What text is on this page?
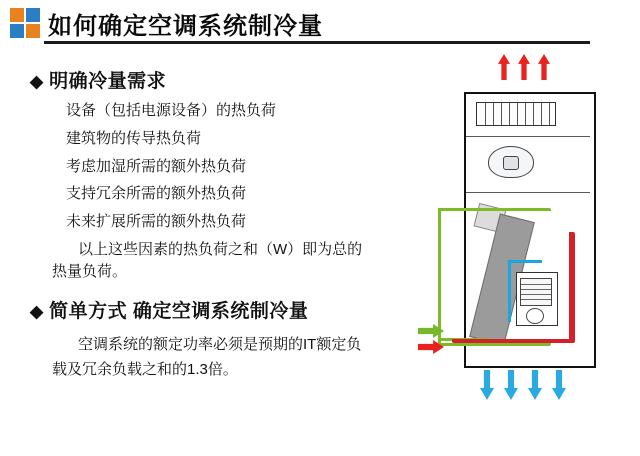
如何确定空调系统制冷量
◆ 明确冷量需求
设备（包括电源设备）的热负荷
建筑物的传导热负荷
考虑加湿所需的额外热负荷
支持冗余所需的额外热负荷
未来扩展所需的额外热负荷
以上这些因素的热负荷之和（W）即为总的
热量负荷。
◆ 简单方式 确定空调系统制冷量
空调系统的额定功率必须是预期的IT额定负
载及冗余负载之和的1.3倍。
